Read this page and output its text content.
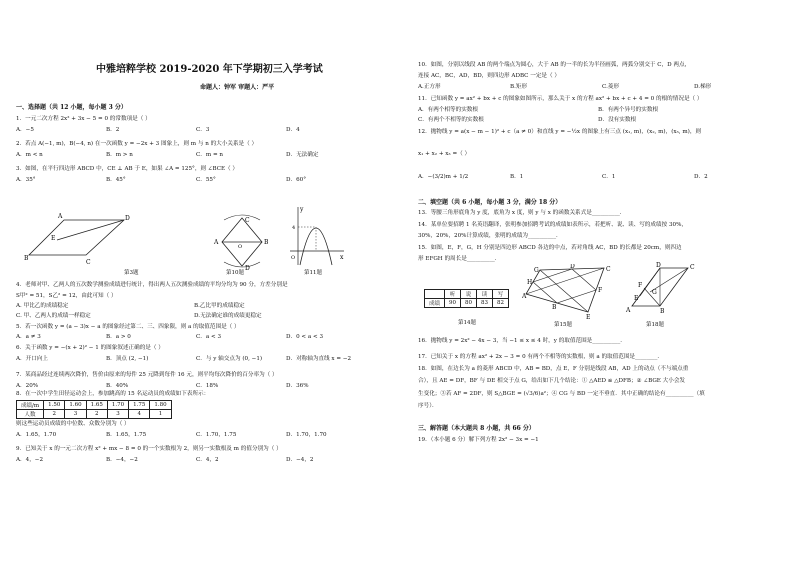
中雅培粹学校 2019-2020 年下学期初三入学考试
命题人：钟军 审题人：严平
一、选择题（共 12 小题，每小题 3 分）
1．一元二次方程 2x² + 3x − 5 = 0 的常数项是（ ）
2．若点 A(−1, m)，B(−4, n) 在一次函数 y = −2x + 3 图象上，则 m 与 n 的大小关系是（ ）
3．如图，在平行四边形 ABCD 中，CE ⊥ AB 于 E，如果 ∠A = 125°，则 ∠BCE（ ）
4．老师对甲、乙两人的五次数学测验成绩进行统计，得出两人五次测验成绩的平均分均为 90 分，方差分别是
S甲² = 51，S乙² = 12，由此可知（ ）
5．若一次函数 y = (a − 3)x − a 的图象经过第二、三、四象限，则 a 的取值范围是（ ）
6．关于函数 y = −(x + 2)² − 1 的图象叙述正确的是（ ）
7．某商品经过连续两次降价，售价由原来的每件 25 元降到每件 16 元，则平均每次降价的百分率为（ ）
8．在一次中学生田径运动会上，参加跳高的 15 名运动员的成绩如下表所示：
则这些运动员成绩的中位数、众数分别为（ ）
9．已知关于 x 的一元二次方程 x² + mx − 8 = 0 的一个实数根为 2，则另一实数根及 m 的值分别为（ ）
A．−5	B．2	C．3	D．4
A．m < n	B．m > n	C．m = n	D．无法确定
A．35°	B．45°	C．55°	D．60°
A．a ≠ 3	B．a > 0	C．a < 3	D．0 < a < 3
A．开口向上	B．顶点 (2, −1)	C．与 y 轴交点为 (0, −1)	D．对称轴为直线 x = −2
A．20%	B．40%	C．18%	D．36%
A．1.65，1.70	B．1.65，1.75	C．1.70，1.75	D．1.70，1.70
A．4，−2	B．−4，−2	C．4，2	D．−4，2
A
B
C
D
E
第3题
C
A	B
D
O
第10题
y
x
O
4
第11题
A. 甲比乙的成绩稳定	B.乙比甲的成绩稳定
C. 甲、乙两人的成绩一样稳定	D.无法确定谁的成绩更稳定
成绩/m	1.50	1.60	1.65	1.70	1.75	1.80
人数	2	3	2	3	4	1
10．如图，分别以线段 AB 的两个端点为圆心，大于 AB 的一半的长为半径画弧，两弧分别交于 C，D 两点，
连接 AC，BC，AD，BD，则四边形 ADBC 一定是（ ）
11．已知函数 y = ax² + bx + c 的图象如图所示，那么关于 x 的方程 ax² + bx + c + 4 = 0 的根的情况是（ ）
12．抛物线 y = a(x − m − 1)² + c（a ≠ 0）和直线 y = −½x 的图象上有三点 (x₁, m)，(x₂, m)，(x₃, m)，则
x₁ + x₂ + x₃ =（ ）
二、填空题（共 6 小题，每小题 3 分，满分 18 分）
13．等腰三角形底角为 y 度，底角为 x 度，则 y 与 x 的函数关系式是__________．
14．某单位要招聘 1 名英语翻译，张明参加招聘考试的成绩如表所示，若把听、说、读、写的成绩按 30%，
30%，20%，20%计算成绩，张明的成绩为__________．
15．如图，E，F，G，H 分别是四边形 ABCD 各边的中点，若对角线 AC，BD 的长都是 20cm，则四边
形 EFGH 的周长是__________．
16．抛物线 y = 2x² − 4x − 3，当 −1 ≤ x ≤ 4 时，y 的取值范围是__________．
17．已知关于 x 的方程 ax² + 2x − 3 = 0 有两个不相等的实数根，则 a 的取值范围是________．
18．如图，在边长为 a 的菱形 ABCD 中，AB = BD，点 E，F 分别是线段 AB，AD 上的动点（不与端点重
合），且 AE = DF，BF 与 DE 相交于点 G，给出如下几个结论：① △AED ≌ △DFB；② ∠BGE 大小会发
生变化；③若 AF = 2DF，则 S△BGE = (√3/6)a²；④ CG 与 BD 一定不垂直．其中正确的结论有__________（填
序号）．
三、解答题（本大题共 8 小题，共 66 分）
19．（本小题 6 分）解下列方程 2x² − 3x = −1
A.正方形	B.矩形	C.菱形	D.梯形
A．有两个相等的实数根	B．有两个异号的实数根
C．有两个不相等的实数根	D．没有实数根
A．−(3/2)m + 1/2	B．1	C．1	D．2
	听	说	读	写
成绩	90	80	83	82
第14题
G	C
A
E
F
D
H
B
第15题
D	C
A	B
E
F
G
第18题
